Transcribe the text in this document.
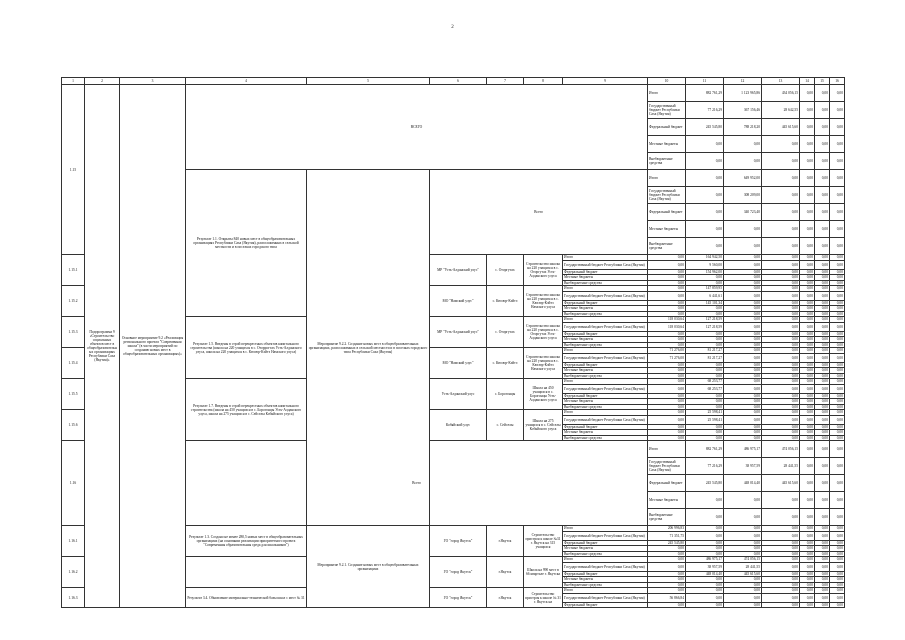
2
1	2	3	4	5	6	7	8	9	10	11	12	13	14	15	16	
1.15	Подпрограмма 9 «Строительство социальных объектов мест в общеобразовательных организациях Республики Саха (Якутия)»	Основное мероприятие 9.2 «Реализация регионального проекта "Современная школа" (в части мероприятий по созданию новых мест в общеобразовательных организациях)»	ВСЕГО						Итого	882 761,29	1 123 965,86	434 056,15	0,00	0,00	0,00	
									Государственный бюджет Республики Саха (Якутия)	77 216,29	367 156,46	28 642,55	0,00	0,00	0,00	
									Федеральный бюджет	245 545,80	788 218,20	445 615,60	0,00	0,00	0,00	
									Местные бюджеты	0,00	0,00	0,00	0,00	0,00	0,00	
									Внебюджетные средства	0,00	0,00	0,00	0,00	0,00	0,00	
			Результат 1.1. Открыты 840 новых мест в общеобразовательных организациях Республики Саха (Якутия), расположенных в сельской местности и в поселках городского типа	Мероприятие 9.2.2. Создание новых мест в общеобразовательных организациях, расположенных в сельской местности и в поселках городского типа Республики Саха (Якутия)	Всего				Итого	0,00	649 952,00	0,00	0,00	0,00	0,00	
									Государственный бюджет Республики Саха (Якутия)	0,00	308 209,00	0,00	0,00	0,00	0,00	
									Федеральный бюджет	0,00	340 723,40	0,00	0,00	0,00	0,00	
									Местные бюджеты	0,00	0,00	0,00	0,00	0,00	0,00	
									Внебюджетные средства	0,00	0,00	0,00	0,00	0,00	0,00	
1.15.1					МР "Усть-Алданский улус"	с. Оторгутах	Строительство школы на 220 учащихся в с. Оторгутах Усть-Алданского улуса	Итого	0,00	164 942,50	0,00	0,00	0,00	0,00	0,00	
								Государственный бюджет Республики Саха (Якутия)	0,00	9 560,00	0,00	0,00	0,00	0,00	0,00	
								Федеральный бюджет	0,00	154 962,00	0,00	0,00	0,00	0,00	0,00	
								Местные бюджеты	0,00	0,00	0,00	0,00	0,00	0,00	0,00	
								Внебюджетные средства	0,00	0,00	0,00	0,00	0,00	0,00	0,00	
1.15.2					МО "Намский улус"	с. Кюсюр-Кэйтэ	Строительство школы на 220 учащихся в с. Кюсюр-Кэйтэ Намского улуса	Итого	0,00	147 859,95	0,00	0,00	0,00	0,00	0,00	
								Государственный бюджет Республики Саха (Якутия)	0,00	6 441,61	0,00	0,00	0,00	0,00	0,00	
								Федеральный бюджет	0,00	145 101,34	0,00	0,00	0,00	0,00	0,00	
								Местные бюджеты	0,00	0,00	0,00	0,00	0,00	0,00	0,00	
								Внебюджетные средства	0,00	0,00	0,00	0,00	0,00	0,00	0,00	
1.15.3			Результат 1.5. Введены в строй перекрестных объектов капитального строительства (школа на 220 учащихся в с. Оторрогтах Усть-Алданского улуса, школа на 220 учащихся в с. Кюсюр-Кэйтэ Намского улуса)		МР "Усть-Алданский улус"	с. Оторгутах	Строительство школы на 220 учащихся в с. Оторгутах Усть-Алданского улуса	Итого	118 030,64	127 218,59	0,00	0,00	0,00	0,00	0,00	
								Государственный бюджет Республики Саха (Якутия)	118 030,64	127 218,59	0,00	0,00	0,00	0,00	0,00	
								Федеральный бюджет	0,00	0,00	0,00	0,00	0,00	0,00	0,00	
								Местные бюджеты	0,00	0,00	0,00	0,00	0,00	0,00	0,00	
								Внебюджетные средства	0,00	0,00	0,00	0,00	0,00	0,00	0,00	
1.15.4					МО "Намский улус"	с. Кюсюр-Кэйтэ	Строительство школы на 220 учащихся в с. Кюсюр-Кэйтэ Намского улуса	Итого	71 276,00	81 217,27	0,00	0,00	0,00	0,00	0,00	
								Государственный бюджет Республики Саха (Якутия)	71 276,00	81 217,27	0,00	0,00	0,00	0,00	0,00	
								Федеральный бюджет	0,00	0,00	0,00	0,00	0,00	0,00	0,00	
								Местные бюджеты	0,00	0,00	0,00	0,00	0,00	0,00	0,00	
								Внебюджетные средства	0,00	0,00	0,00	0,00	0,00	0,00	0,00	
1.15.5			Результат 1.7. Введены в строй перекрестных объектов капитального строительства (школа на 450 учащихся в с. Борогонцы Усть-Алданского улуса, школа на 275 учащихся в с. Сейселы Кобяйского улуса)		Усть-Алданский улус	с. Борогонцы	Школа на 450 учащихся в с. Борогонцы Усть-Алданского улуса	Итого	0,00	68 253,77	0,00	0,00	0,00	0,00	0,00	
								Государственный бюджет Республики Саха (Якутия)	0,00	68 253,77	0,00	0,00	0,00	0,00	0,00	
								Федеральный бюджет	0,00	0,00	0,00	0,00	0,00	0,00	0,00	
								Местные бюджеты	0,00	0,00	0,00	0,00	0,00	0,00	0,00	
								Внебюджетные средства	0,00	0,00	0,00	0,00	0,00	0,00	0,00	
1.15.6					Кобяйский улус	с. Сейселы	Школа на 275 учащихся в с. Сейселы Кобяйского улуса	Итого	0,00	25 598,41	0,00	0,00	0,00	0,00	0,00	
								Государственный бюджет Республики Саха (Якутия)	0,00	25 598,41	0,00	0,00	0,00	0,00	0,00	
								Федеральный бюджет	0,00	0,00	0,00	0,00	0,00	0,00	0,00	
								Местные бюджеты	0,00	0,00	0,00	0,00	0,00	0,00	0,00	
								Внебюджетные средства	0,00	0,00	0,00	0,00	0,00	0,00	0,00	
1.16			Всего						Итого	882 761,29	486 975,17	474 056,15	0,00	0,00	0,00	
									Государственный бюджет Республики Саха (Якутия)	77 216,29	38 957,59	28 441,55	0,00	0,00	0,00	
									Федеральный бюджет	245 545,80	448 014,40	445 615,60	0,00	0,00	0,00	
									Местные бюджеты	0,00	0,00	0,00	0,00	0,00	0,00	
									Внебюджетные средства	0,00	0,00	0,00	0,00	0,00	0,00	
1.16.1			Результат 1.3. Создано не менее 280,5 новых мест в общеобразовательных организациях (на основании реализации приоритетного проекта "Современная образовательная среда для школьников")	Мероприятие 9.2.1. Создание новых мест в общеобразовательных организациях	ГО "город Якутск"	г.Якутск	Строительство пристроя к школе №31 г. Якутск на 315 учащихся	Итого	206 996,83	0,00	0,00	0,00	0,00	0,00	0,00	
								Государственный бюджет Республики Саха (Якутия)	71 351,75	0,00	0,00	0,00	0,00	0,00	0,00	
								Федеральный бюджет	245 545,80	0,00	0,00	0,00	0,00	0,00	0,00	
								Местные бюджеты	0,00	0,00	0,00	0,00	0,00	0,00	0,00	
								Внебюджетные средства	0,00	0,00	0,00	0,00	0,00	0,00	0,00	
1.16.2					ГО "город Якутск"	г.Якутск	Школа на 990 мест в 66 квартале г. Якутска	Итого	0,00	486 975,17	474 056,15	0,00	0,00	0,00	0,00	
								Государственный бюджет Республики Саха (Якутия)	0,00	38 957,59	28 441,55	0,00	0,00	0,00	0,00	
								Федеральный бюджет	0,00	448 014,40	445 615,60	0,00	0,00	0,00	0,00	
								Местные бюджеты	0,00	0,00	0,00	0,00	0,00	0,00	0,00	
								Внебюджетные средства	0,00	0,00	0,00	0,00	0,00	0,00	0,00	
1.16.3			Результат 3.4. Обновление материально-технической базы школ с мест № 31		ГО "город Якутск"	г.Якутск	Строительство пристроя к школе № 31 г. Якутск на	Итого	0,00	0,00	0,00	0,00	0,00	0,00	0,00	
								Государственный бюджет Республики Саха (Якутия)	56 866,84	0,00	0,00	0,00	0,00	0,00	0,00	
								Федеральный бюджет	0,00	0,00	0,00	0,00	0,00	0,00	0,00	
